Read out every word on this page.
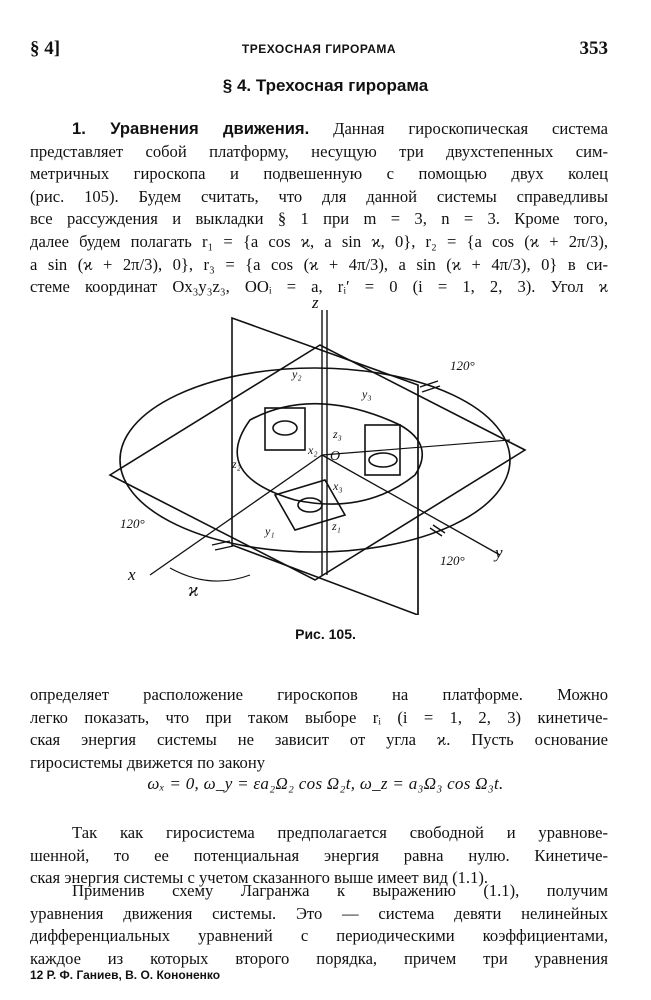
§ 4]	ТРЕХОСНАЯ ГИРОРАМА	353
§ 4. Трехосная гирорама

1. Уравнения движения. Данная гироскопическая система
представляет собой платформу, несущую три двухстепенных сим-
метричных гироскопа и подвешенную с помощью двух колец
(рис. 105). Будем считать, что для данной системы справедливы
все рассуждения и выкладки § 1 при m = 3, n = 3. Кроме того,
далее будем полагать r₁ = {a cos ϰ, a sin ϰ, 0}, r₂ = {a cos (ϰ + 2π/3),
a sin (ϰ + 2π/3), 0}, r₃ = {a cos (ϰ + 4π/3), a sin (ϰ + 4π/3), 0} в си-
стеме координат Ox₃y₃z₃, OOᵢ = a, rᵢ′ = 0 (i = 1, 2, 3). Угол ϰ

z
x
y
ϰ
120°
120°
120°
y₂
y₃
y₁
z₂
z₃
z₁
x₂
x₃
O
Рис. 105.

определяет расположение гироскопов на платформе. Можно
легко показать, что при таком выборе rᵢ (i = 1, 2, 3) кинетиче-
ская энергия системы не зависит от угла ϰ. Пусть основание
гиросистемы движется по закону

ωₓ = 0, ω_y = εa₂Ω₂ cos Ω₂t, ω_z = a₃Ω₃ cos Ω₃t.

Так как гиросистема предполагается свободной и уравнове-
шенной, то ее потенциальная энергия равна нулю. Кинетиче-
ская энергия системы с учетом сказанного выше имеет вид (1.1).

Применив схему Лагранжа к выражению (1.1), получим
уравнения движения системы. Это — система девяти нелинейных
дифференциальных уравнений с периодическими коэффициентами,
каждое из которых второго порядка, причем три уравнения

12 Р. Ф. Ганиев, В. О. Кононенко
